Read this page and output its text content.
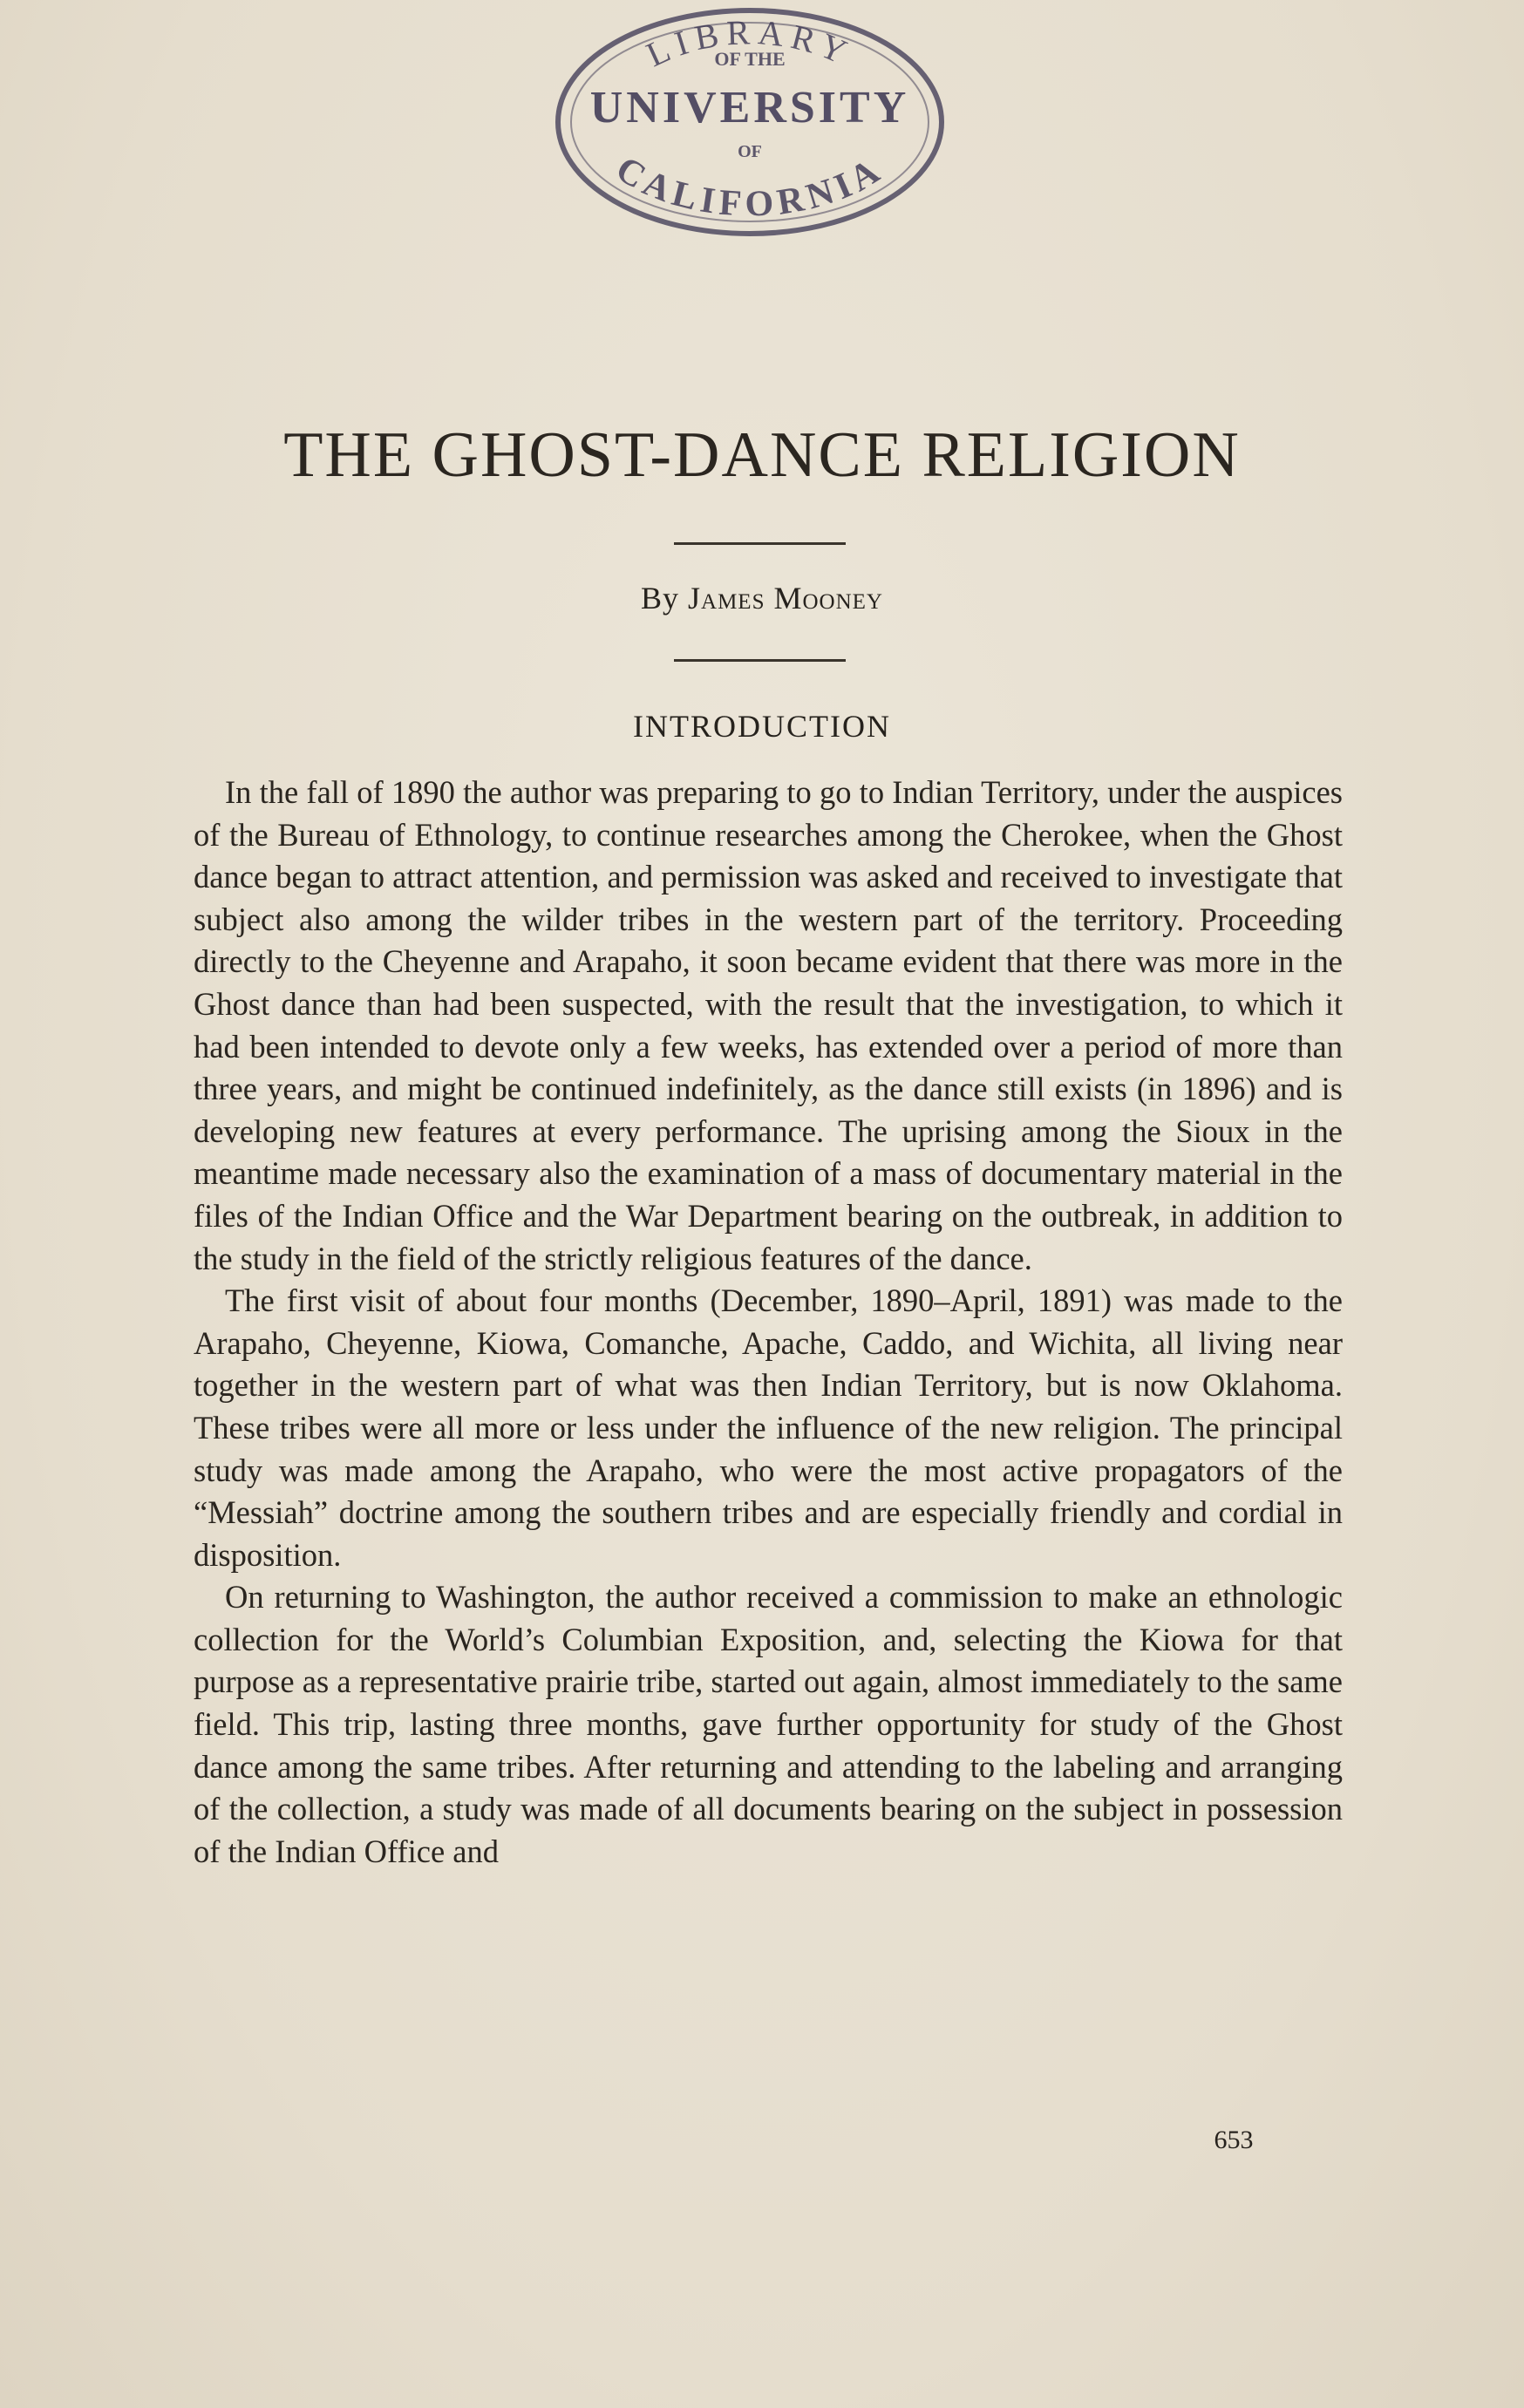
LIBRARY
OF THE
UNIVERSITY
OF
CALIFORNIA
THE GHOST-DANCE RELIGION
By James Mooney
INTRODUCTION

In the fall of 1890 the author was preparing to go to Indian Territory, under the auspices of the Bureau of Ethnology, to continue researches among the Cherokee, when the Ghost dance began to attract attention, and permission was asked and received to investigate that subject also among the wilder tribes in the western part of the territory. Proceeding directly to the Cheyenne and Arapaho, it soon became evident that there was more in the Ghost dance than had been suspected, with the result that the investigation, to which it had been intended to devote only a few weeks, has extended over a period of more than three years, and might be continued indefinitely, as the dance still exists (in 1896) and is developing new features at every performance. The uprising among the Sioux in the meantime made necessary also the examination of a mass of documentary material in the files of the Indian Office and the War Department bearing on the outbreak, in addition to the study in the field of the strictly religious features of the dance.

The first visit of about four months (December, 1890–April, 1891) was made to the Arapaho, Cheyenne, Kiowa, Comanche, Apache, Caddo, and Wichita, all living near together in the western part of what was then Indian Territory, but is now Oklahoma. These tribes were all more or less under the influence of the new religion. The principal study was made among the Arapaho, who were the most active propagators of the “Messiah” doctrine among the southern tribes and are especially friendly and cordial in disposition.

On returning to Washington, the author received a commission to make an ethnologic collection for the World’s Columbian Exposition, and, selecting the Kiowa for that purpose as a representative prairie tribe, started out again, almost immediately to the same field. This trip, lasting three months, gave further opportunity for study of the Ghost dance among the same tribes. After returning and attending to the labeling and arranging of the collection, a study was made of all documents bearing on the subject in possession of the Indian Office and

653
